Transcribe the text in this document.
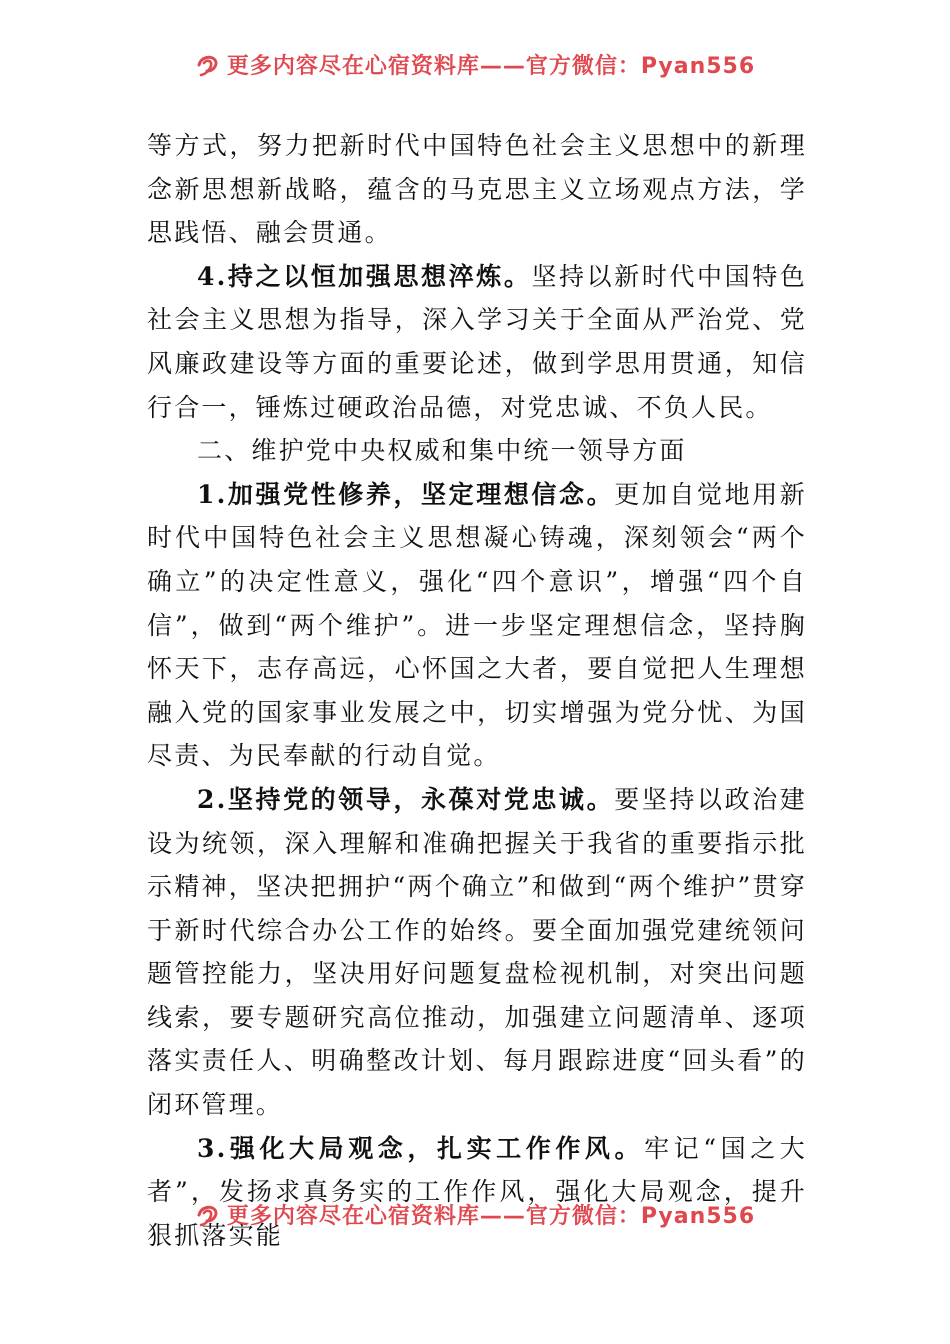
更多内容尽在心宿资料库——官方微信：Pyan556

等方式，努力把新时代中国特色社会主义思想中的新理念新思想新战略，蕴含的马克思主义立场观点方法，学思践悟、融会贯通。

4.持之以恒加强思想淬炼。坚持以新时代中国特色社会主义思想为指导，深入学习关于全面从严治党、党风廉政建设等方面的重要论述，做到学思用贯通，知信行合一，锤炼过硬政治品德，对党忠诚、不负人民。

二、维护党中央权威和集中统一领导方面

1.加强党性修养，坚定理想信念。更加自觉地用新时代中国特色社会主义思想凝心铸魂，深刻领会“两个确立”的决定性意义，强化“四个意识”，增强“四个自信”，做到“两个维护”。进一步坚定理想信念，坚持胸怀天下，志存高远，心怀国之大者，要自觉把人生理想融入党的国家事业发展之中，切实增强为党分忧、为国尽责、为民奉献的行动自觉。

2.坚持党的领导，永葆对党忠诚。要坚持以政治建设为统领，深入理解和准确把握关于我省的重要指示批示精神，坚决把拥护“两个确立”和做到“两个维护”贯穿于新时代综合办公工作的始终。要全面加强党建统领问题管控能力，坚决用好问题复盘检视机制，对突出问题线索，要专题研究高位推动，加强建立问题清单、逐项落实责任人、明确整改计划、每月跟踪进度“回头看”的闭环管理。

3.强化大局观念，扎实工作作风。牢记“国之大者”，发扬求真务实的工作作风，强化大局观念，提升狠抓落实能

更多内容尽在心宿资料库——官方微信：Pyan556
